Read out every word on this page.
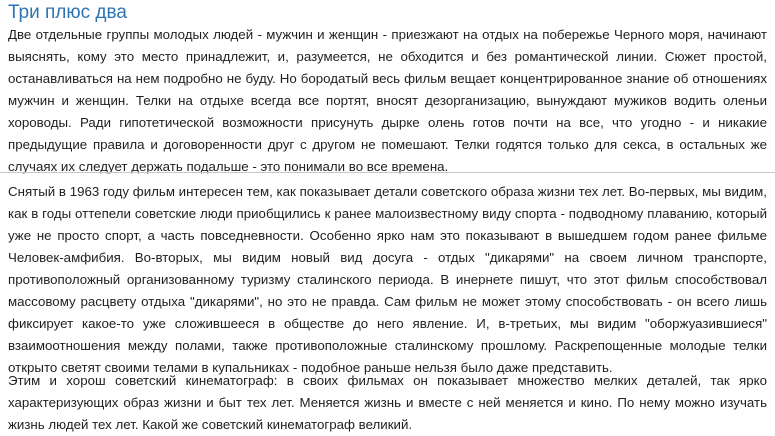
Три плюс два

Две отдельные группы молодых людей - мужчин и женщин - приезжают на отдых на побережье Черного моря, начинают выяснять, кому это место принадлежит, и, разумеется, не обходится и без романтической линии. Сюжет простой, останавливаться на нем подробно не буду. Но бородатый весь фильм вещает концентрированное знание об отношениях мужчин и женщин. Телки на отдыхе всегда все портят, вносят дезорганизацию, вынуждают мужиков водить оленьи хороводы. Ради гипотетической возможности присунуть дырке олень готов почти на все, что угодно - и никакие предыдущие правила и договоренности друг с другом не помешают. Телки годятся только для секса, в остальных же случаях их следует держать подальше - это понимали во все времена.

Снятый в 1963 году фильм интересен тем, как показывает детали советского образа жизни тех лет. Во-первых, мы видим, как в годы оттепели советские люди приобщились к ранее малоизвестному виду спорта - подводному плаванию, который уже не просто спорт, а часть повседневности. Особенно ярко нам это показывают в вышедшем годом ранее фильме Человек-амфибия. Во-вторых, мы видим новый вид досуга - отдых "дикарями" на своем личном транспорте, противоположный организованному туризму сталинского периода. В инернете пишут, что этот фильм способствовал массовому расцвету отдыха "дикарями", но это не правда. Сам фильм не может этому способствовать - он всего лишь фиксирует какое-то уже сложившееся в обществе до него явление. И, в-третьих, мы видим "оборжуазившиеся" взаимоотношения между полами, также противоположные сталинскому прошлому. Раскрепощенные молодые телки открыто светят своими телами в купальниках - подобное раньше нельзя было даже представить.

Этим и хорош советский кинематограф: в своих фильмах он показывает множество мелких деталей, так ярко характеризующих образ жизни и быт тех лет. Меняется жизнь и вместе с ней меняется и кино. По нему можно изучать жизнь людей тех лет. Какой же советский кинематограф великий.
